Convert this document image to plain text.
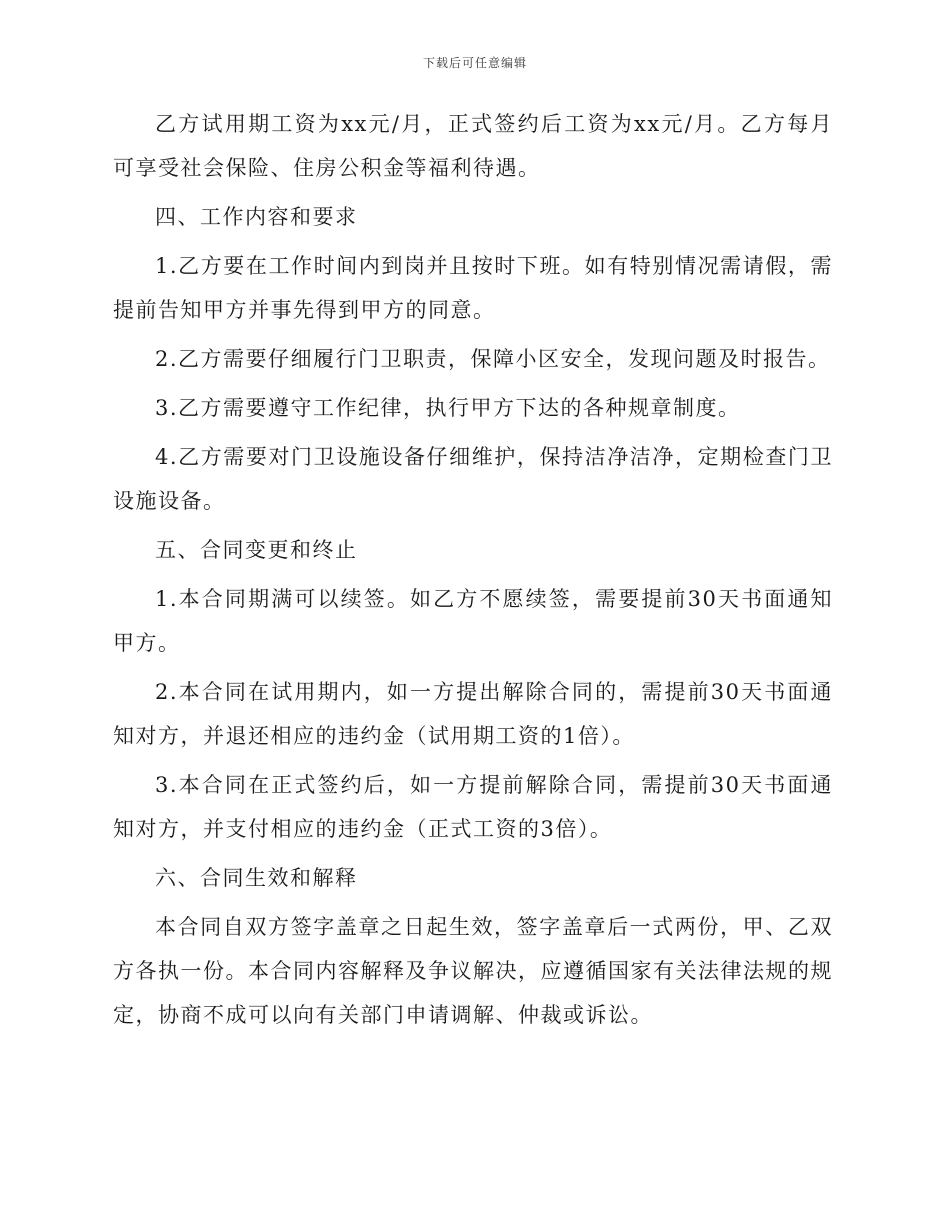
下载后可任意编辑

乙方试用期工资为xx元/月，正式签约后工资为xx元/月。乙方每月可享受社会保险、住房公积金等福利待遇。

四、工作内容和要求

1.乙方要在工作时间内到岗并且按时下班。如有特别情况需请假，需提前告知甲方并事先得到甲方的同意。

2.乙方需要仔细履行门卫职责，保障小区安全，发现问题及时报告。

3.乙方需要遵守工作纪律，执行甲方下达的各种规章制度。

4.乙方需要对门卫设施设备仔细维护，保持洁净洁净，定期检查门卫设施设备。

五、合同变更和终止

1.本合同期满可以续签。如乙方不愿续签，需要提前30天书面通知甲方。

2.本合同在试用期内，如一方提出解除合同的，需提前30天书面通知对方，并退还相应的违约金（试用期工资的1倍）。

3.本合同在正式签约后，如一方提前解除合同，需提前30天书面通知对方，并支付相应的违约金（正式工资的3倍）。

六、合同生效和解释

本合同自双方签字盖章之日起生效，签字盖章后一式两份，甲、乙双方各执一份。本合同内容解释及争议解决，应遵循国家有关法律法规的规定，协商不成可以向有关部门申请调解、仲裁或诉讼。
